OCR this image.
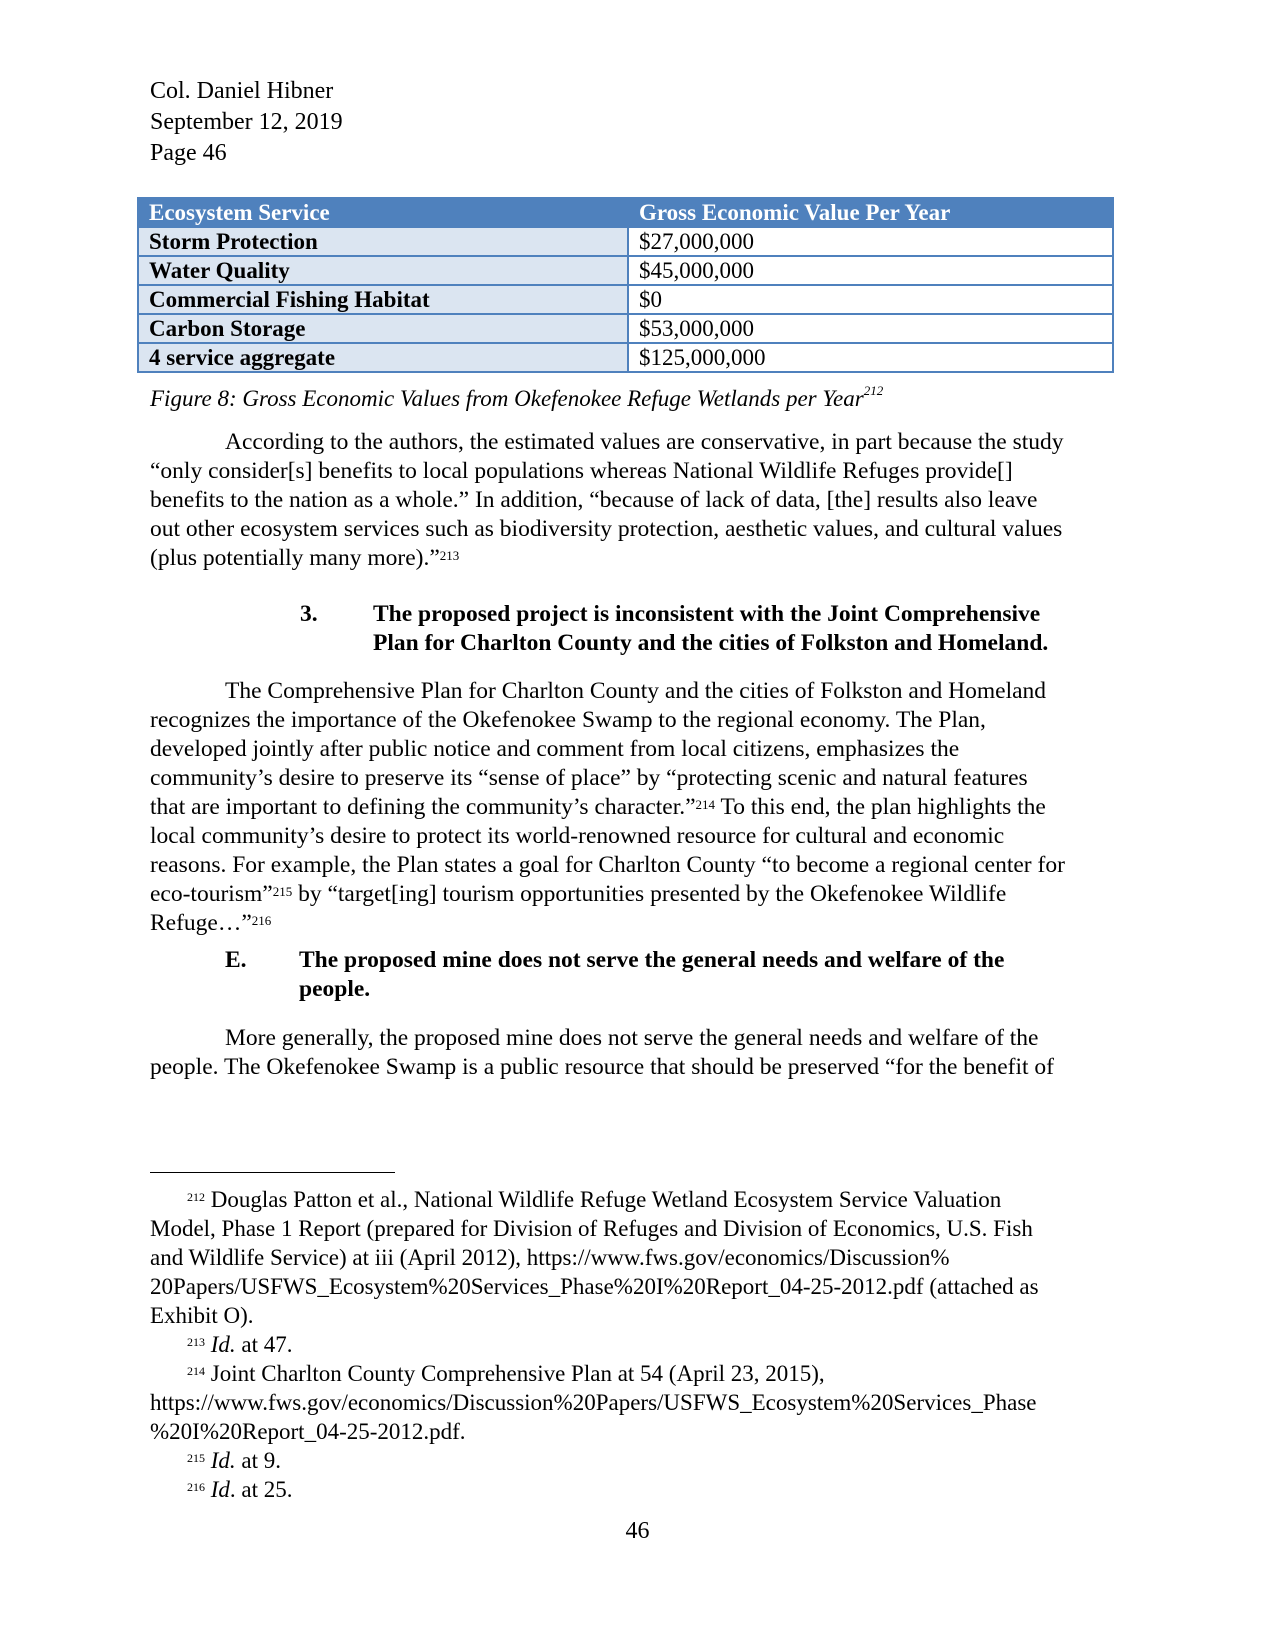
Col. Daniel Hibner
September 12, 2019
Page 46
Ecosystem Service	Gross Economic Value Per Year
Storm Protection	$27,000,000
Water Quality	$45,000,000
Commercial Fishing Habitat	$0
Carbon Storage	$53,000,000
4 service aggregate	$125,000,000
Figure 8: Gross Economic Values from Okefenokee Refuge Wetlands per Year$^{212}$
According to the authors, the estimated values are conservative, in part because the study
“only consider[s] benefits to local populations whereas National Wildlife Refuges provide[]
benefits to the nation as a whole.” In addition, “because of lack of data, [the] results also leave
out other ecosystem services such as biodiversity protection, aesthetic values, and cultural values
(plus potentially many more).”$^{213}$
3. The proposed project is inconsistent with the Joint Comprehensive
Plan for Charlton County and the cities of Folkston and Homeland.
The Comprehensive Plan for Charlton County and the cities of Folkston and Homeland
recognizes the importance of the Okefenokee Swamp to the regional economy. The Plan,
developed jointly after public notice and comment from local citizens, emphasizes the
community’s desire to preserve its “sense of place” by “protecting scenic and natural features
that are important to defining the community’s character.”$^{214}$ To this end, the plan highlights the
local community’s desire to protect its world-renowned resource for cultural and economic
reasons. For example, the Plan states a goal for Charlton County “to become a regional center for
eco-tourism”$^{215}$ by “target[ing] tourism opportunities presented by the Okefenokee Wildlife
Refuge…”$^{216}$
E. The proposed mine does not serve the general needs and welfare of the
people.
More generally, the proposed mine does not serve the general needs and welfare of the
people. The Okefenokee Swamp is a public resource that should be preserved “for the benefit of
$^{212}$ Douglas Patton et al., National Wildlife Refuge Wetland Ecosystem Service Valuation
Model, Phase 1 Report (prepared for Division of Refuges and Division of Economics, U.S. Fish
and Wildlife Service) at iii (April 2012), https://www.fws.gov/economics/Discussion%
20Papers/USFWS_Ecosystem%20Services_Phase%20I%20Report_04-25-2012.pdf (attached as
Exhibit O).
$^{213}$ Id. at 47.
$^{214}$ Joint Charlton County Comprehensive Plan at 54 (April 23, 2015),
https://www.fws.gov/economics/Discussion%20Papers/USFWS_Ecosystem%20Services_Phase
%20I%20Report_04-25-2012.pdf.
$^{215}$ Id. at 9.
$^{216}$ Id. at 25.
46
